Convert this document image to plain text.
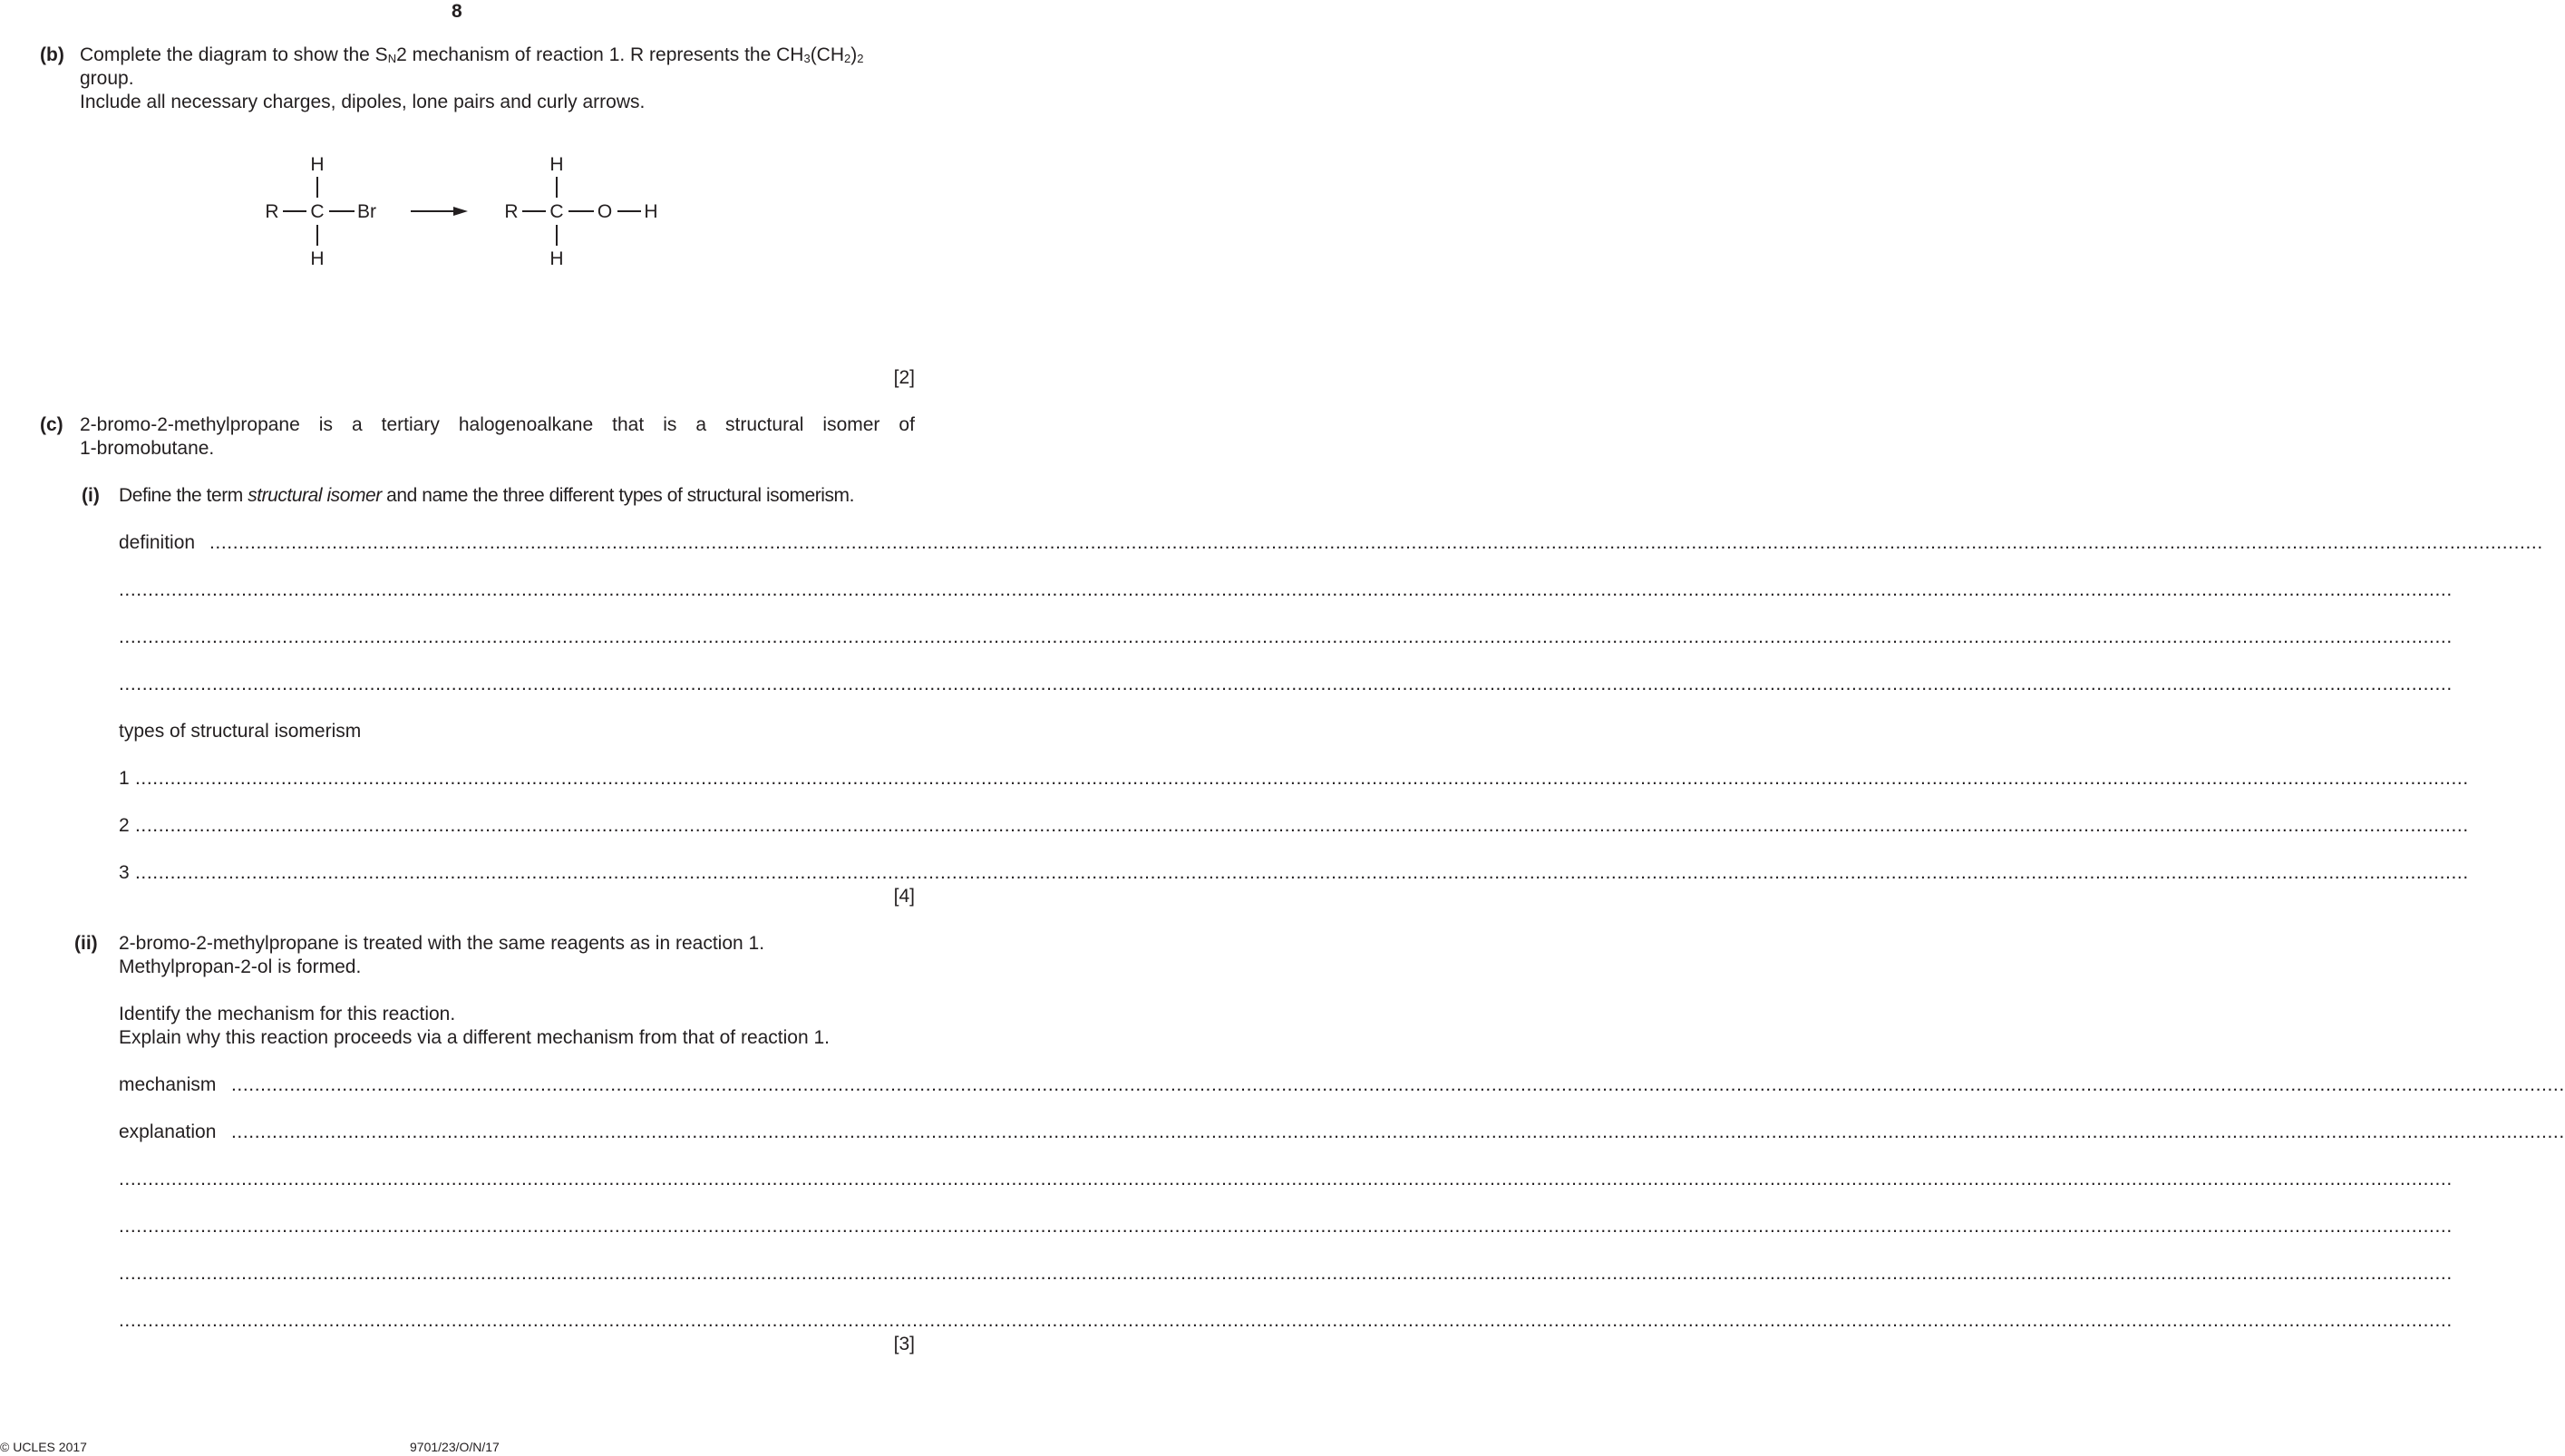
8
(b) Complete the diagram to show the $S_N2$ mechanism of reaction 1. R represents the $CH_3(CH_2)_2$
group.
Include all necessary charges, dipoles, lone pairs and curly arrows.
H
R C Br
H
H
R C O H
H
[2]
(c) 2-bromo-2-methylpropane is a tertiary halogenoalkane that is a structural isomer of
1-bromobutane.
(i) Define the term structural isomer and name the three different types of structural isomerism.
definition ................................................................................................................................................................................................................................................................................................................................................................................................................
................................................................................................................................................................................................................................................................................................................................................................................................................
................................................................................................................................................................................................................................................................................................................................................................................................................
................................................................................................................................................................................................................................................................................................................................................................................................................
types of structural isomerism
1 ................................................................................................................................................................................................................................................................................................................................................................................................................
2 ................................................................................................................................................................................................................................................................................................................................................................................................................
3 ................................................................................................................................................................................................................................................................................................................................................................................................................
[4]
(ii) 2-bromo-2-methylpropane is treated with the same reagents as in reaction 1.
Methylpropan-2-ol is formed.
Identify the mechanism for this reaction.
Explain why this reaction proceeds via a different mechanism from that of reaction 1.
mechanism ................................................................................................................................................................................................................................................................................................................................................................................................................
explanation ................................................................................................................................................................................................................................................................................................................................................................................................................
................................................................................................................................................................................................................................................................................................................................................................................................................
................................................................................................................................................................................................................................................................................................................................................................................................................
................................................................................................................................................................................................................................................................................................................................................................................................................
................................................................................................................................................................................................................................................................................................................................................................................................................
[3]
© UCLES 2017	9701/23/O/N/17
